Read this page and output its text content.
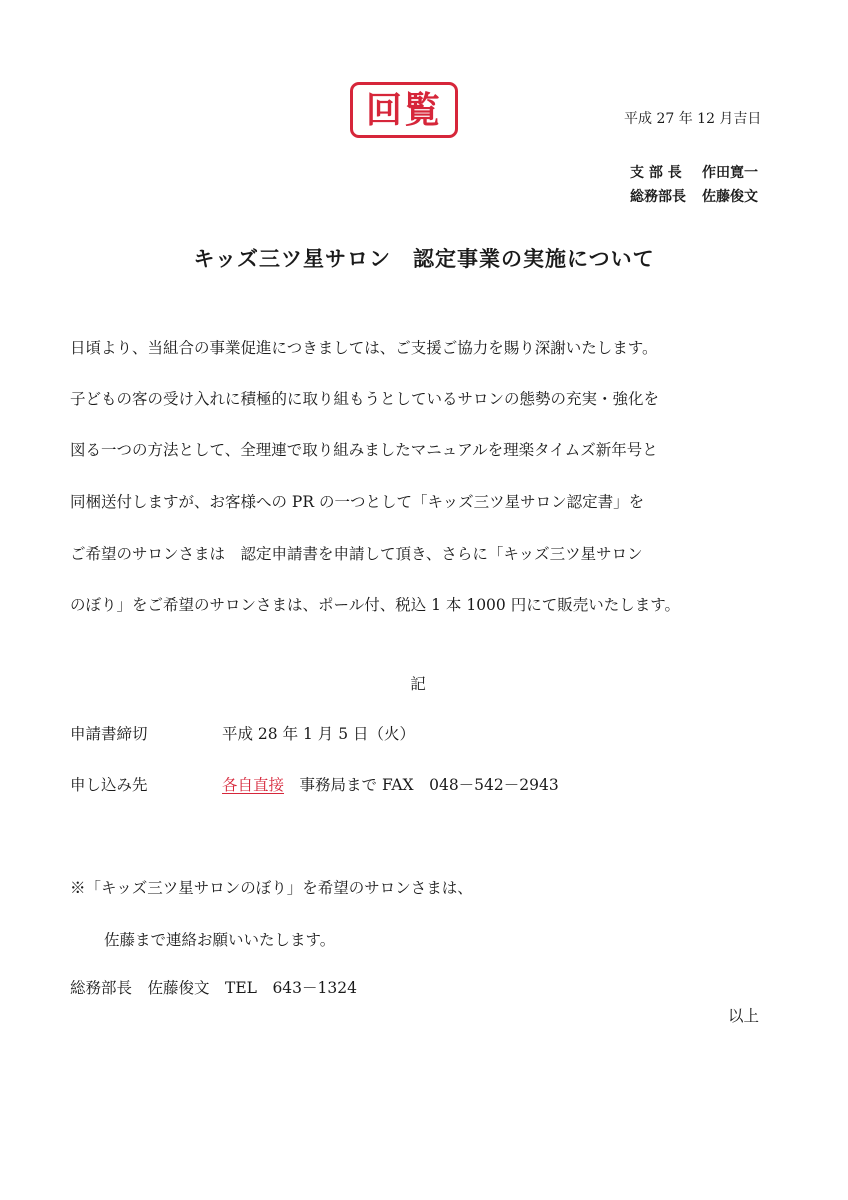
回覧	平成 27 年 12 月吉日
支 部 長 作田寛一
総務部長 佐藤俊文
キッズ三ツ星サロン　認定事業の実施について
日頃より、当組合の事業促進につきましては、ご支援ご協力を賜り深謝いたします。
子どもの客の受け入れに積極的に取り組もうとしているサロンの態勢の充実・強化を
図る一つの方法として、全理連で取り組みましたマニュアルを理楽タイムズ新年号と
同梱送付しますが、お客様への PR の一つとして「キッズ三ツ星サロン認定書」を
ご希望のサロンさまは　認定申請書を申請して頂き、さらに「キッズ三ツ星サロン
のぼり」をご希望のサロンさまは、ポール付、税込 1 本 1000 円にて販売いたします。
記
申請書締切	平成 28 年 1 月 5 日（火）
申し込み先	各自直接　 事務局まで FAX　048－542－2943
※「キッズ三ツ星サロンのぼり」を希望のサロンさまは、
佐藤まで連絡お願いいたします。
総務部長　佐藤俊文　TEL　643－1324
以上
